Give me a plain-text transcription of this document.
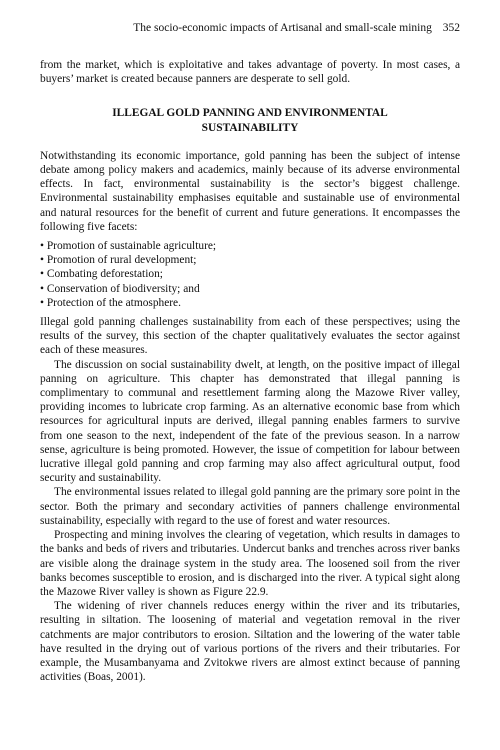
The socio-economic impacts of Artisanal and small-scale mining 352

from the market, which is exploitative and takes advantage of poverty. In most cases, a buyers’ market is created because panners are desperate to sell gold.

ILLEGAL GOLD PANNING AND ENVIRONMENTAL
SUSTAINABILITY

Notwithstanding its economic importance, gold panning has been the subject of intense debate among policy makers and academics, mainly because of its adverse environmental effects. In fact, environmental sustainability is the sector’s biggest challenge. Environmental sustainability emphasises equitable and sustainable use of environmental and natural resources for the benefit of current and future generations. It encompasses the following five facets:

• Promotion of sustainable agriculture;
• Promotion of rural development;
• Combating deforestation;
• Conservation of biodiversity; and
• Protection of the atmosphere.

Illegal gold panning challenges sustainability from each of these perspectives; using the results of the survey, this section of the chapter qualitatively evaluates the sector against each of these measures.

The discussion on social sustainability dwelt, at length, on the positive impact of illegal panning on agriculture. This chapter has demonstrated that illegal panning is complimentary to communal and resettlement farming along the Mazowe River valley, providing incomes to lubricate crop farming. As an alternative economic base from which resources for agricultural inputs are derived, illegal panning enables farmers to survive from one season to the next, independent of the fate of the previous season. In a narrow sense, agriculture is being promoted. However, the issue of competition for labour between lucrative illegal gold panning and crop farming may also affect agricultural output, food security and sustainability.

The environmental issues related to illegal gold panning are the primary sore point in the sector. Both the primary and secondary activities of panners challenge environmental sustainability, especially with regard to the use of forest and water resources.

Prospecting and mining involves the clearing of vegetation, which results in damages to the banks and beds of rivers and tributaries. Undercut banks and trenches across river banks are visible along the drainage system in the study area. The loosened soil from the river banks becomes susceptible to erosion, and is discharged into the river. A typical sight along the Mazowe River valley is shown as Figure 22.9.

The widening of river channels reduces energy within the river and its tributaries, resulting in siltation. The loosening of material and vegetation removal in the river catchments are major contributors to erosion. Siltation and the lowering of the water table have resulted in the drying out of various portions of the rivers and their tributaries. For example, the Musambanyama and Zvitokwe rivers are almost extinct because of panning activities (Boas, 2001).
